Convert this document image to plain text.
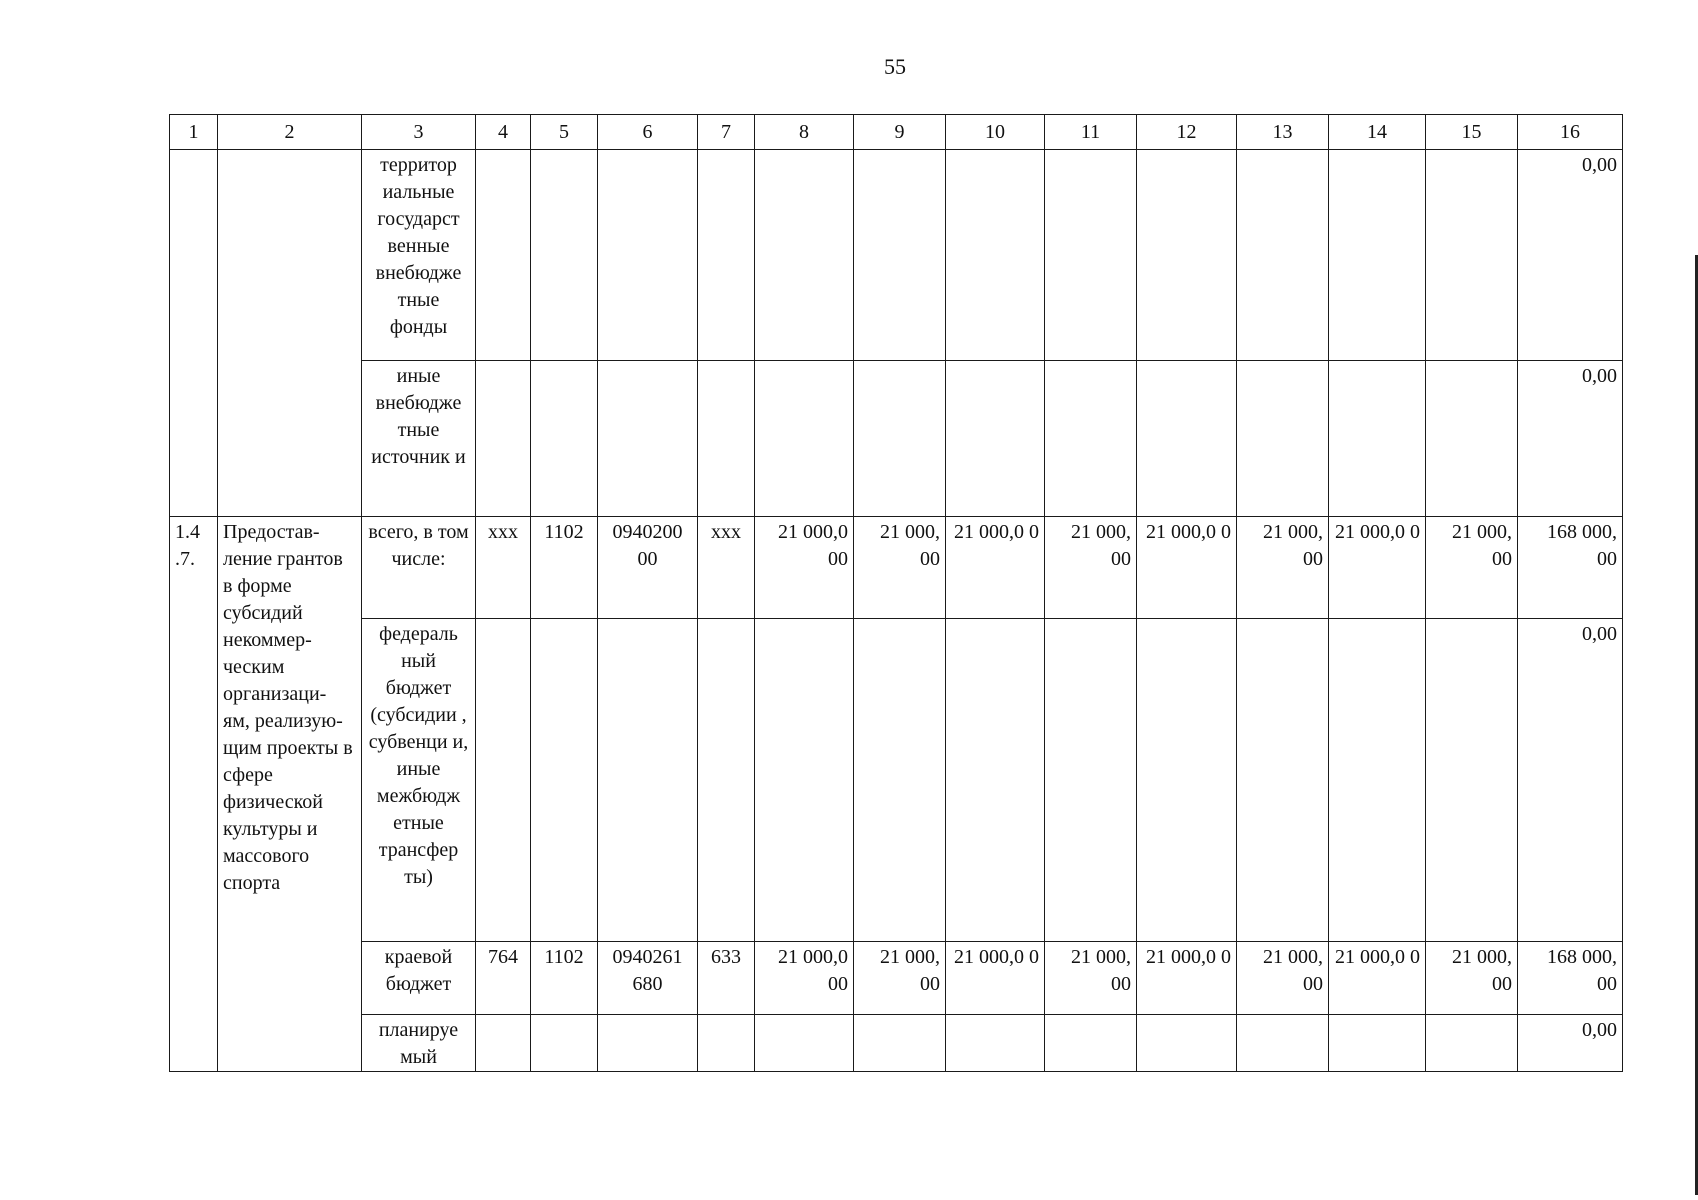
55
1	2	3	4	5	6	7	8	9	10	11	12	13	14	15	16
		территор иальные государст венные внебюдже тные фонды													0,00
		иные внебюдже тные источник и													0,00
1.4 .7.	Предостав- ление грантов в форме субсидий некоммер- ческим организаци- ям, реализую- щим проекты в сфере физической культуры и массового спорта	всего, в том числе:	ххх	1102	0940200 00	ххх	21 000,0 00	21 000, 00	21 000,0 0	21 000, 00	21 000,0 0	21 000, 00	21 000,0 0	21 000, 00	168 000, 00
		федераль ный бюджет (субсидии , субвенци и, иные межбюдж етные трансфер ты)													0,00
		краевой бюджет	764	1102	0940261 680	633	21 000,0 00	21 000, 00	21 000,0 0	21 000, 00	21 000,0 0	21 000, 00	21 000,0 0	21 000, 00	168 000, 00
		планируе мый													0,00
